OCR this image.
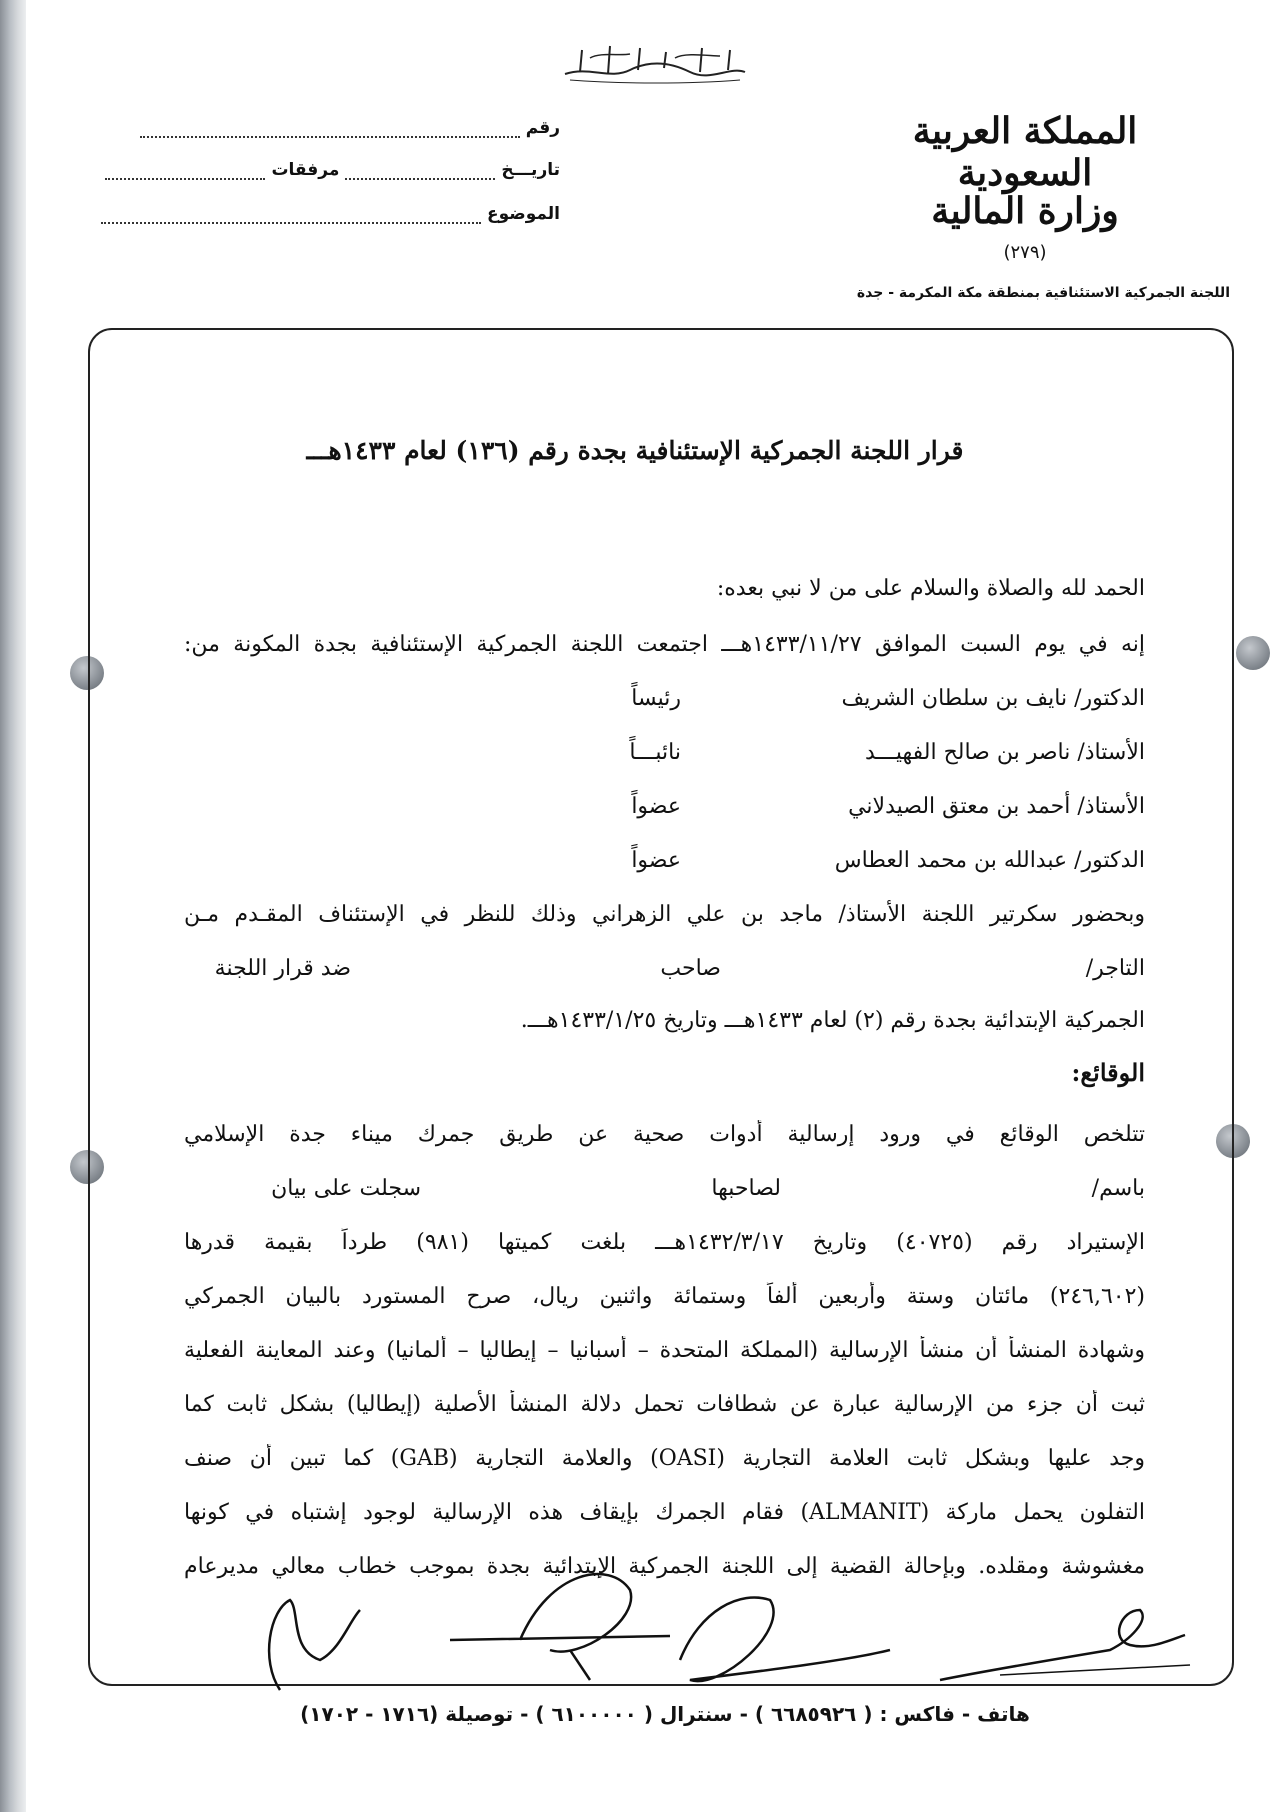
رقم
تاريـــخ
مرفقات
الموضوع
المملكة العربية السعودية
وزارة المالية
(٢٧٩)
اللجنة الجمركية الاستئنافية بمنطقة مكة المكرمة - جدة
قرار اللجنة الجمركية الإستئنافية بجدة رقم (١٣٦) لعام ١٤٣٣هـــ
الحمد لله والصلاة والسلام على من لا نبي بعده:
إنه في يوم السبت الموافق ١٤٣٣/١١/٢٧هـــ اجتمعت اللجنة الجمركية الإستئنافية بجدة المكونة من:
الدكتور/ نايف بن سلطان الشريف
رئيساً
الأستاذ/ ناصر بن صالح الفهيـــد
نائبـــاً
الأستاذ/ أحمد بن معتق الصيدلاني
عضواً
الدكتور/ عبدالله بن محمد العطاس
عضواً
وبحضور سكرتير اللجنة الأستاذ/ ماجد بن علي الزهراني وذلك للنظر في الإستئناف المقـدم مـن
التاجر/
صاحب
ضد قرار اللجنة
الجمركية الإبتدائية بجدة رقم (٢) لعام ١٤٣٣هـــ وتاريخ ١٤٣٣/١/٢٥هـــ.
الوقائع:
تتلخص الوقائع في ورود إرسالية أدوات صحية عن طريق جمرك ميناء جدة الإسلامي
باسم/
لصاحبها
سجلت على بيان
الإستيراد رقم (٤٠٧٢٥) وتاريخ ١٤٣٢/٣/١٧هـــ بلغت كميتها (٩٨١) طرداً بقيمة قدرها
(٢٤٦,٦٠٢) مائتان وستة وأربعين ألفاً وستمائة واثنين ريال، صرح المستورد بالبيان الجمركي
وشهادة المنشأ أن منشأ الإرسالية (المملكة المتحدة – أسبانيا – إيطاليا – ألمانيا) وعند المعاينة الفعلية
ثبت أن جزء من الإرسالية عبارة عن شطافات تحمل دلالة المنشأ الأصلية (إيطاليا) بشكل ثابت كما
وجد عليها وبشكل ثابت العلامة التجارية (OASI) والعلامة التجارية (GAB) كما تبين أن صنف
التفلون يحمل ماركة (ALMANIT) فقام الجمرك بإيقاف هذه الإرسالية لوجود إشتباه في كونها
مغشوشة ومقلده. وبإحالة القضية إلى اللجنة الجمركية الإبتدائية بجدة بموجب خطاب معالي مديرعام
هاتف - فاكس : ( ٦٦٨٥٩٢٦ ) - سنترال ( ٦١٠٠٠٠٠ ) - توصيلة (١٧١٦ - ١٧٠٢)
